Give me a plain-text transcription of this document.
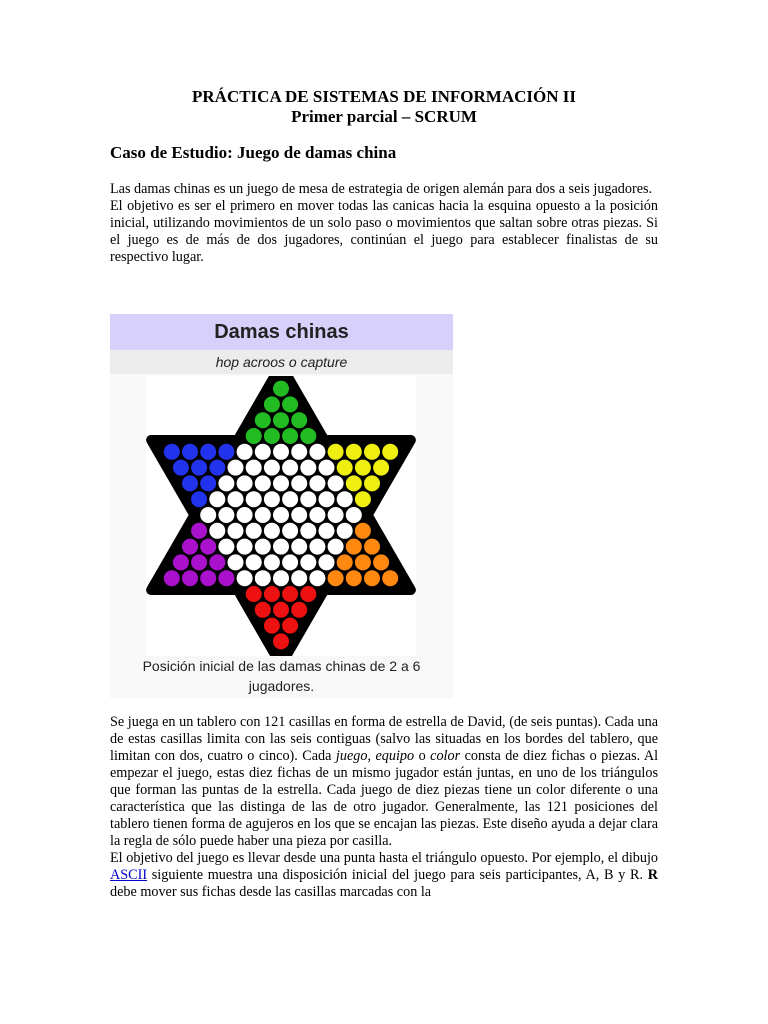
PRÁCTICA DE SISTEMAS DE INFORMACIÓN II
Primer parcial – SCRUM
Caso de Estudio: Juego de damas china

Las damas chinas es un juego de mesa de estrategia de origen alemán para dos a seis jugadores.

El objetivo es ser el primero en mover todas las canicas hacia la esquina opuesto a la posición inicial, utilizando movimientos de un solo paso o movimientos que saltan sobre otras piezas. Si el juego es de más de dos jugadores, continúan el juego para establecer finalistas de su respectivo lugar.

Damas chinas
hop acroos o capture
Posición inicial de las damas chinas de 2 a 6 jugadores.

Se juega en un tablero con 121 casillas en forma de estrella de David, (de seis puntas). Cada una de estas casillas limita con las seis contiguas (salvo las situadas en los bordes del tablero, que limitan con dos, cuatro o cinco). Cada juego, equipo o color consta de diez fichas o piezas. Al empezar el juego, estas diez fichas de un mismo jugador están juntas, en uno de los triángulos que forman las puntas de la estrella. Cada juego de diez piezas tiene un color diferente o una característica que las distinga de las de otro jugador. Generalmente, las 121 posiciones del tablero tienen forma de agujeros en los que se encajan las piezas. Este diseño ayuda a dejar clara la regla de sólo puede haber una pieza por casilla.

El objetivo del juego es llevar desde una punta hasta el triángulo opuesto. Por ejemplo, el dibujo ASCII siguiente muestra una disposición inicial del juego para seis participantes, A, B y R. R debe mover sus fichas desde las casillas marcadas con la
